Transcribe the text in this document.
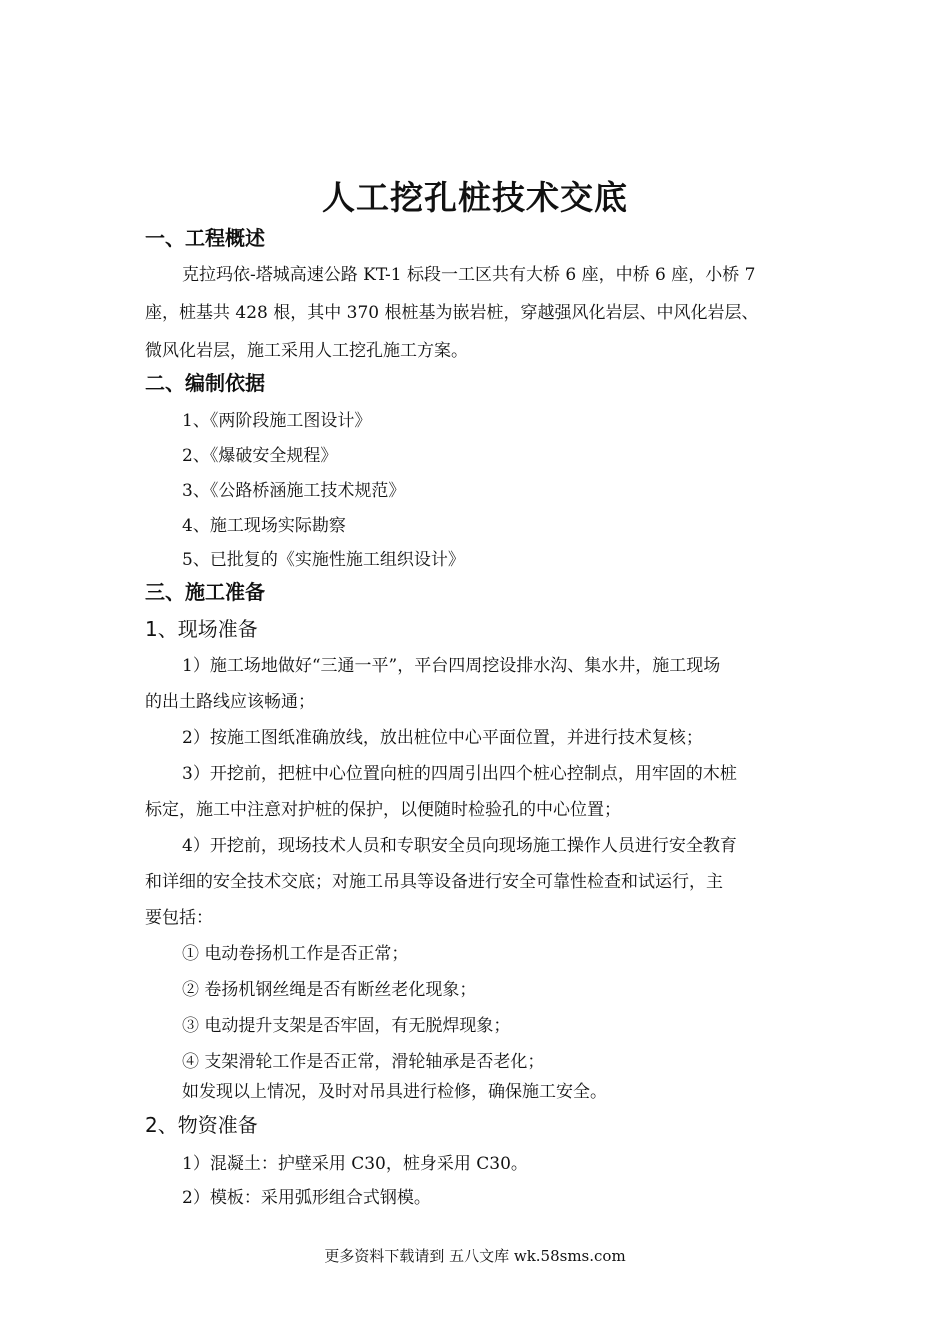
人工挖孔桩技术交底
一、工程概述
克拉玛依-塔城高速公路 KT-1 标段一工区共有大桥 6 座，中桥 6 座，小桥 7
座，桩基共 428 根，其中 370 根桩基为嵌岩桩，穿越强风化岩层、中风化岩层、
微风化岩层，施工采用人工挖孔施工方案。
二、编制依据
1、《两阶段施工图设计》
2、《爆破安全规程》
3、《公路桥涵施工技术规范》
4、施工现场实际勘察
5、已批复的《实施性施工组织设计》
三、施工准备
1、现场准备
1）施工场地做好“三通一平”，平台四周挖设排水沟、集水井，施工现场
的出土路线应该畅通；
2）按施工图纸准确放线，放出桩位中心平面位置，并进行技术复核；
3）开挖前，把桩中心位置向桩的四周引出四个桩心控制点，用牢固的木桩
标定，施工中注意对护桩的保护，以便随时检验孔的中心位置；
4）开挖前，现场技术人员和专职安全员向现场施工操作人员进行安全教育
和详细的安全技术交底；对施工吊具等设备进行安全可靠性检查和试运行，主
要包括：
① 电动卷扬机工作是否正常；
② 卷扬机钢丝绳是否有断丝老化现象；
③ 电动提升支架是否牢固，有无脱焊现象；
④ 支架滑轮工作是否正常，滑轮轴承是否老化；
如发现以上情况，及时对吊具进行检修，确保施工安全。
2、物资准备
1）混凝土：护壁采用 C30，桩身采用 C30。
2）模板：采用弧形组合式钢模。
更多资料下载请到 五八文库 wk.58sms.com
